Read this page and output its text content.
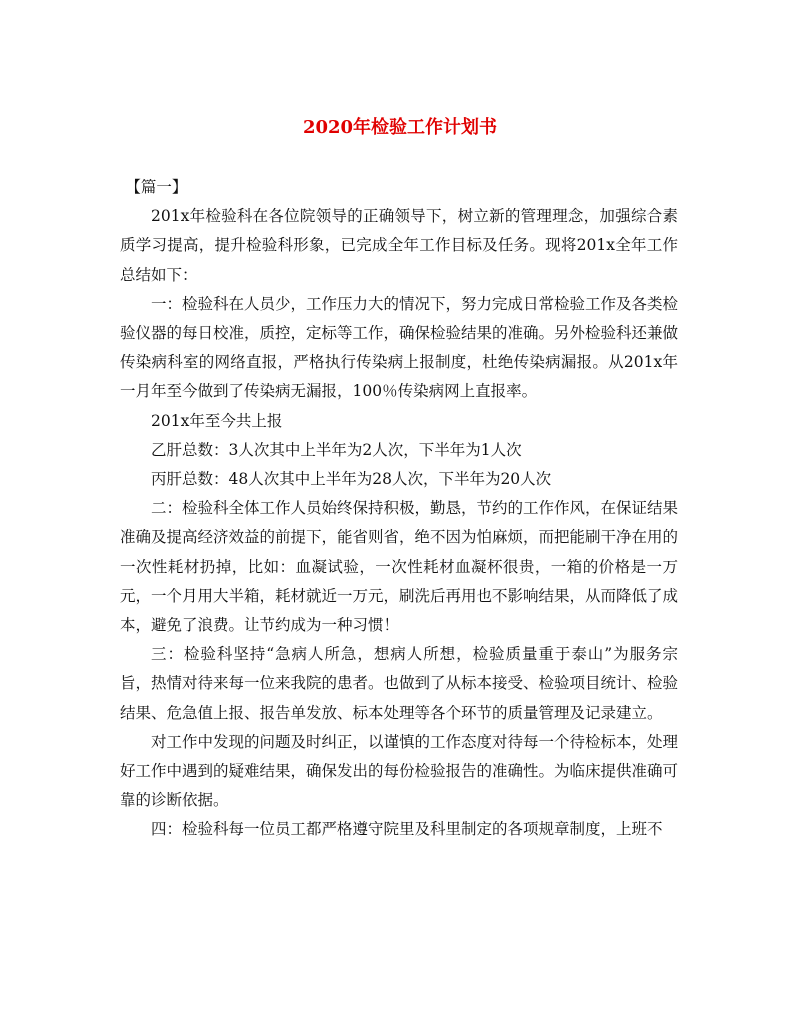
2020年检验工作计划书

【篇一】

201x年检验科在各位院领导的正确领导下，树立新的管理理念，加强综合素质学习提高，提升检验科形象，已完成全年工作目标及任务。现将201x全年工作总结如下：

一：检验科在人员少，工作压力大的情况下，努力完成日常检验工作及各类检验仪器的每日校准，质控，定标等工作，确保检验结果的准确。另外检验科还兼做传染病科室的网络直报，严格执行传染病上报制度，杜绝传染病漏报。从201x年一月年至今做到了传染病无漏报，100％传染病网上直报率。

201x年至今共上报

乙肝总数：3人次其中上半年为2人次，下半年为1人次

丙肝总数：48人次其中上半年为28人次，下半年为20人次

二：检验科全体工作人员始终保持积极，勤恳，节约的工作作风，在保证结果准确及提高经济效益的前提下，能省则省，绝不因为怕麻烦，而把能刷干净在用的一次性耗材扔掉，比如：血凝试验，一次性耗材血凝杯很贵，一箱的价格是一万元，一个月用大半箱，耗材就近一万元，刷洗后再用也不影响结果，从而降低了成本，避免了浪费。让节约成为一种习惯！

三：检验科坚持“急病人所急，想病人所想，检验质量重于泰山”为服务宗旨，热情对待来每一位来我院的患者。也做到了从标本接受、检验项目统计、检验结果、危急值上报、报告单发放、标本处理等各个环节的质量管理及记录建立。

对工作中发现的问题及时纠正，以谨慎的工作态度对待每一个待检标本，处理好工作中遇到的疑难结果，确保发出的每份检验报告的准确性。为临床提供准确可靠的诊断依据。

四：检验科每一位员工都严格遵守院里及科里制定的各项规章制度，上班不
